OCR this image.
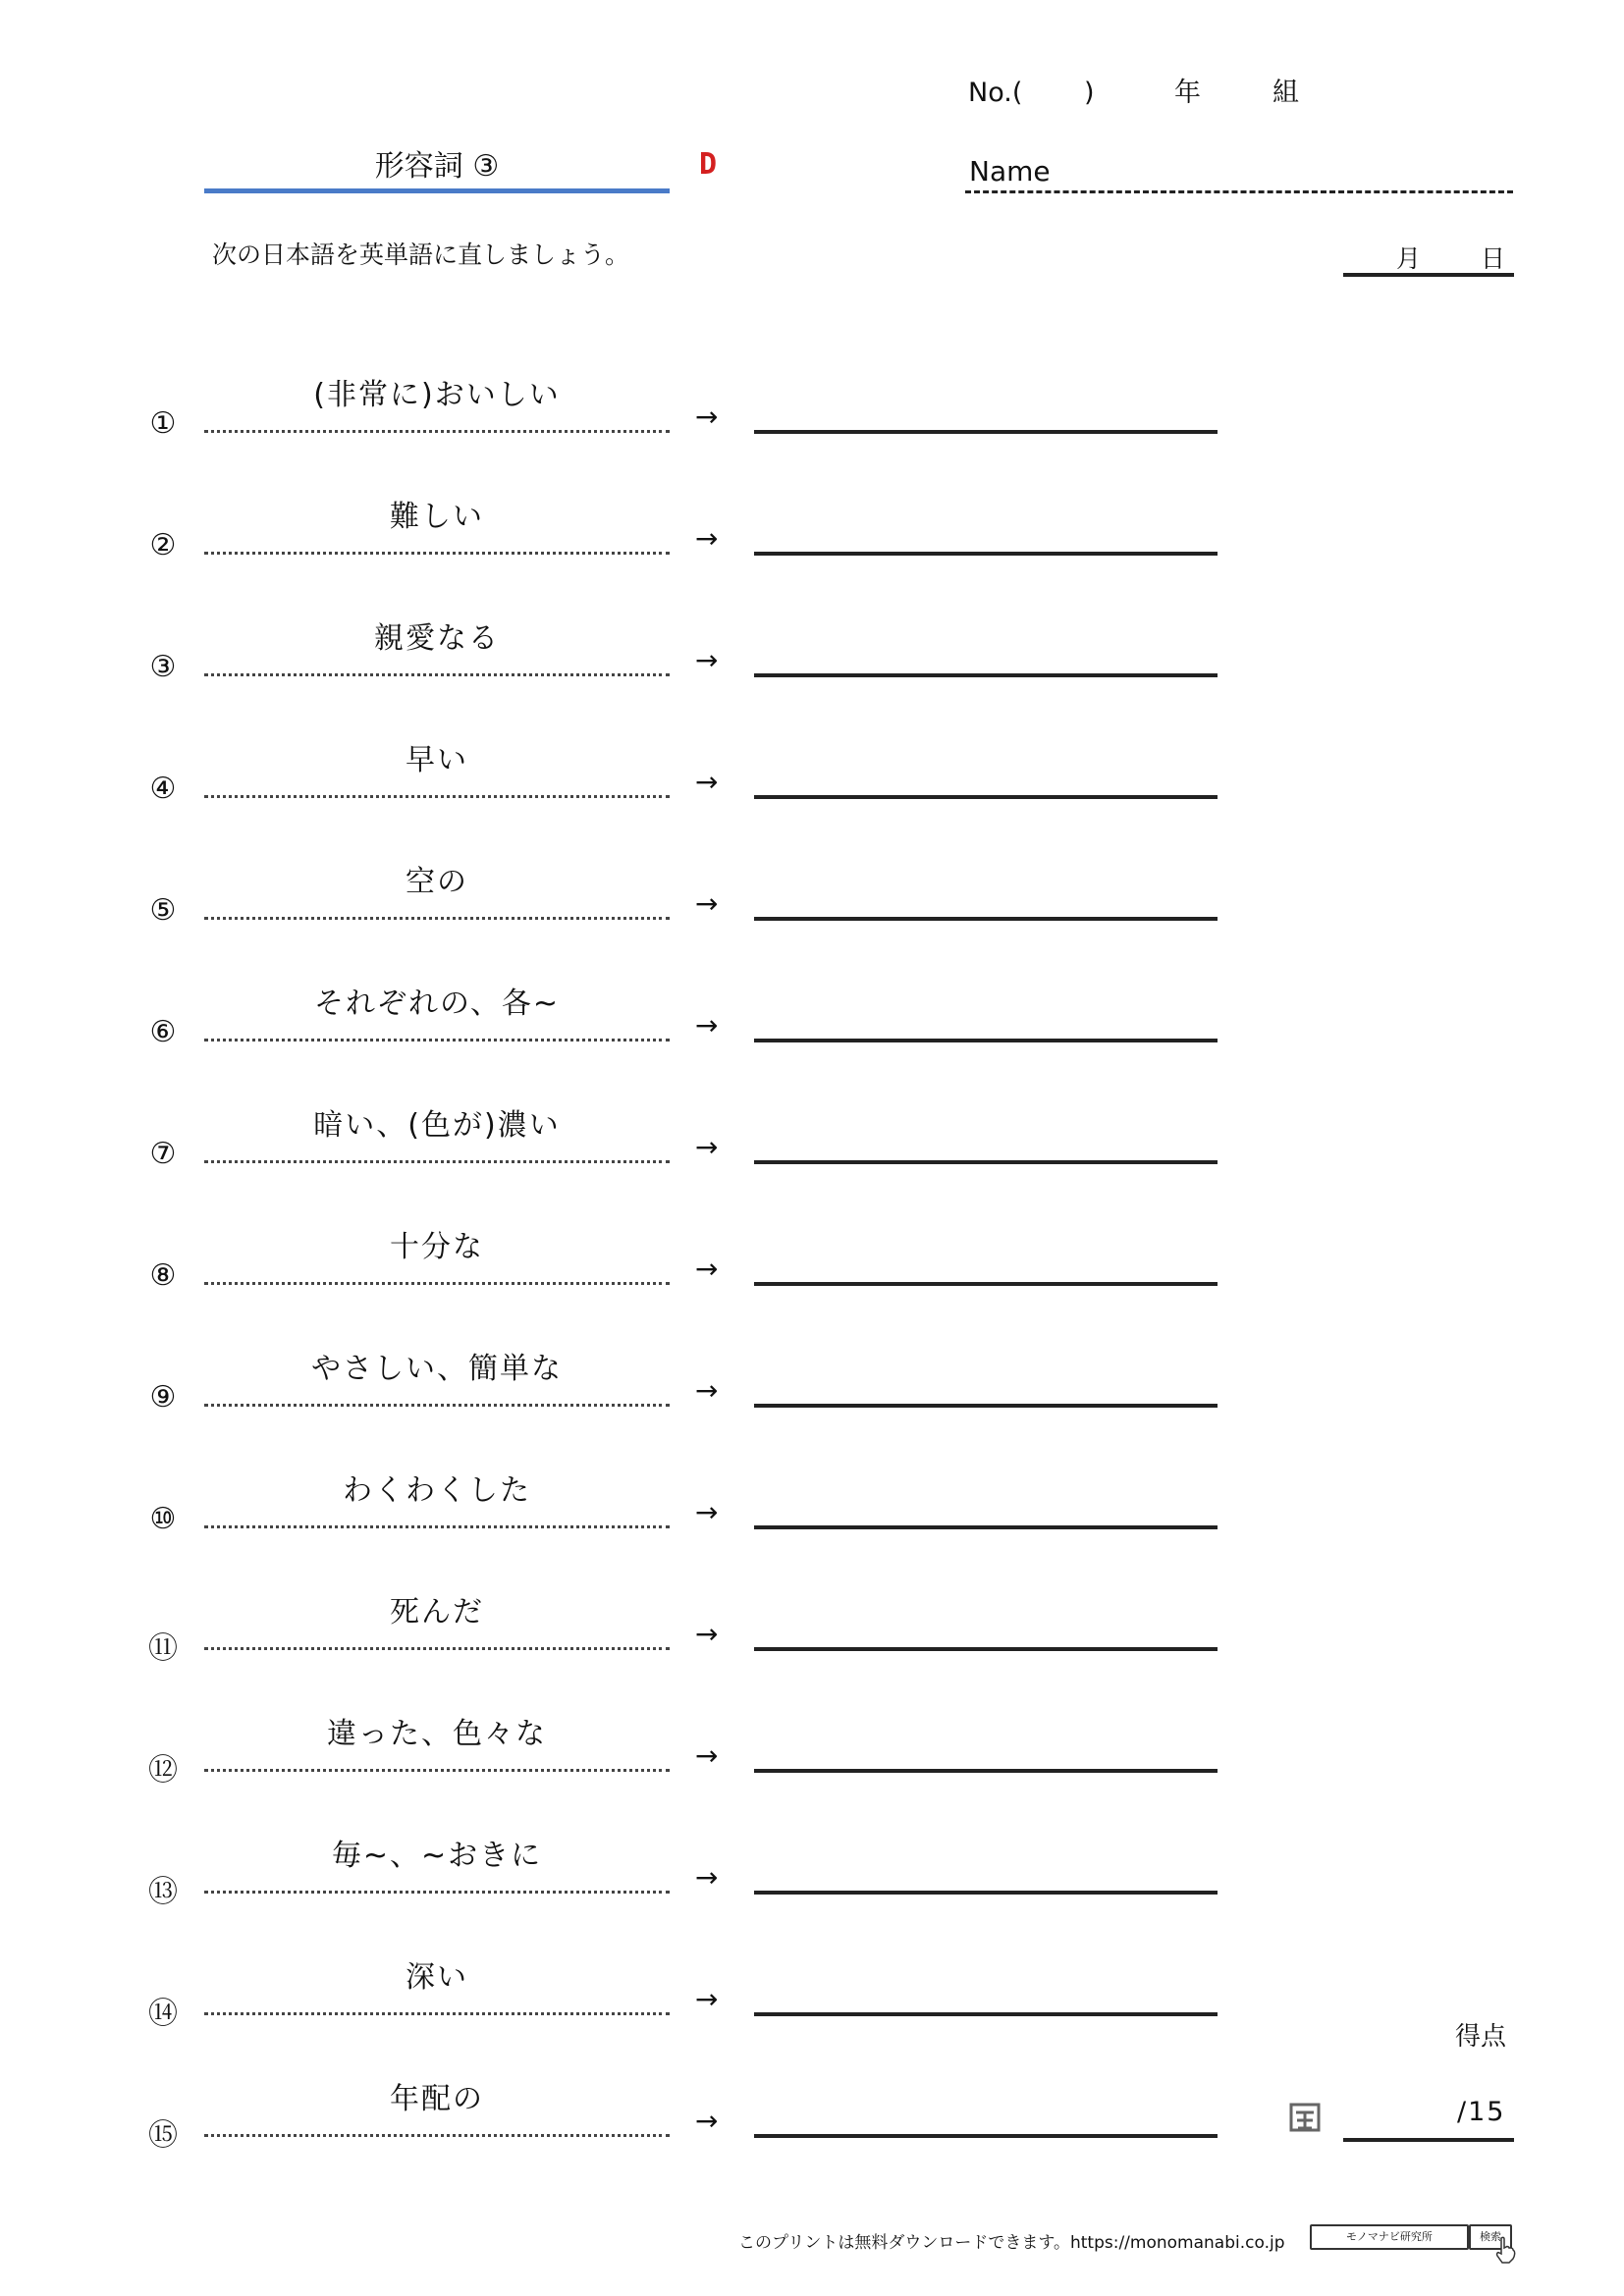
No.(　　 )	年	組
形容詞 ③	D	Name
次の日本語を英単語に直しましょう。	月 日
①
(非常に)おいしい
→
②
難しい
→
③
親愛なる
→
④
早い
→
⑤
空の
→
⑥
それぞれの、各~
→
⑦
暗い、(色が)濃い
→
⑧
十分な
→
⑨
やさしい、簡単な
→
⑩
わくわくした
→
⑪
死んだ
→
⑫
違った、色々な
→
⑬
毎~、~おきに
→
⑭
深い
→
⑮
年配の
→
得点
/15
このプリントは無料ダウンロードできます。https://monomanabi.co.jp	モノマナビ研究所	検索
